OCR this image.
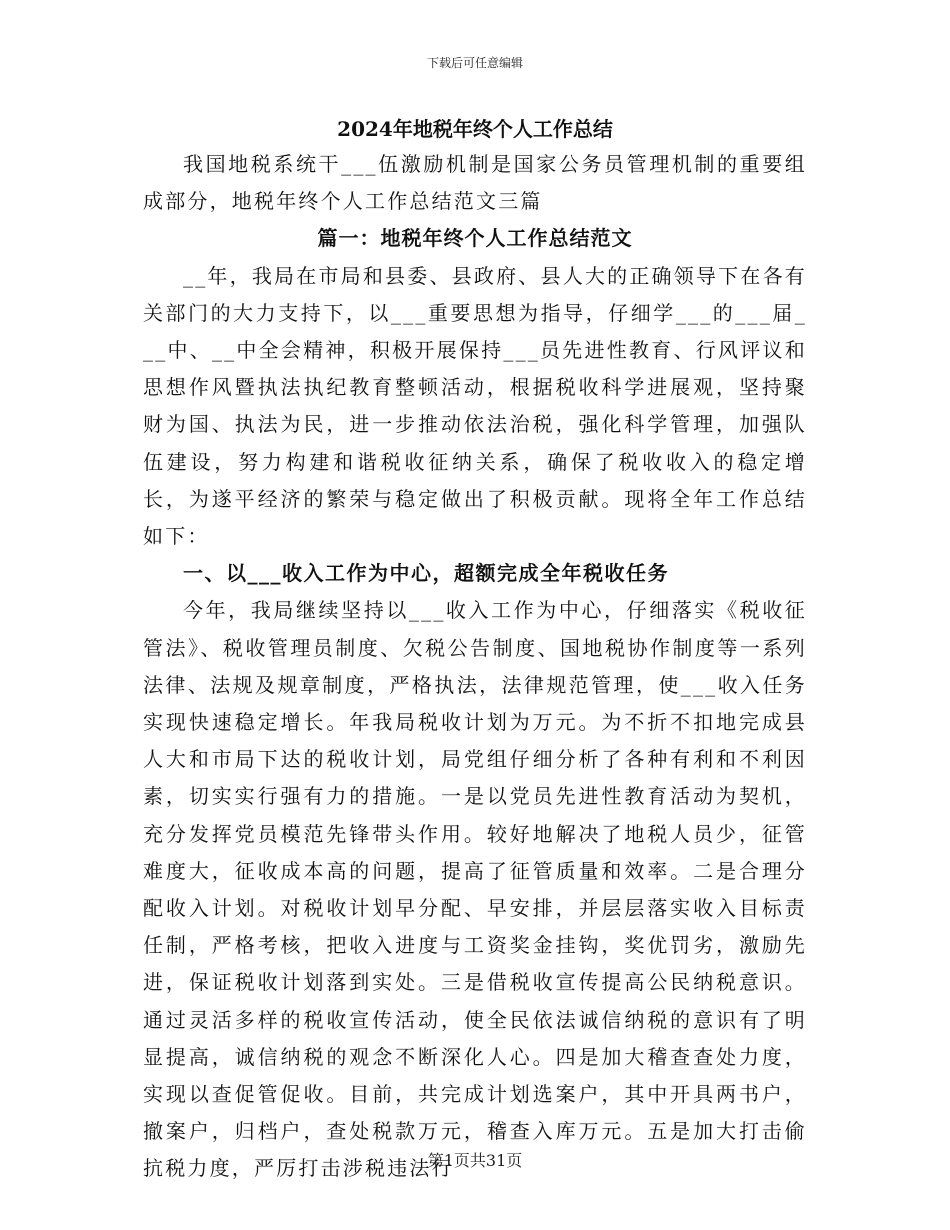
下载后可任意编辑

2024年地税年终个人工作总结

我国地税系统干___伍激励机制是国家公务员管理机制的重要组成部分，地税年终个人工作总结范文三篇

篇一：地税年终个人工作总结范文

__年，我局在市局和县委、县政府、县人大的正确领导下在各有关部门的大力支持下，以___重要思想为指导，仔细学___的___届___中、__中全会精神，积极开展保持___员先进性教育、行风评议和思想作风暨执法执纪教育整顿活动，根据税收科学进展观，坚持聚财为国、执法为民，进一步推动依法治税，强化科学管理，加强队伍建设，努力构建和谐税收征纳关系，确保了税收收入的稳定增长，为遂平经济的繁荣与稳定做出了积极贡献。现将全年工作总结如下：

一、以___收入工作为中心，超额完成全年税收任务

今年，我局继续坚持以___收入工作为中心，仔细落实《税收征管法》、税收管理员制度、欠税公告制度、国地税协作制度等一系列法律、法规及规章制度，严格执法，法律规范管理，使___收入任务实现快速稳定增长。年我局税收计划为万元。为不折不扣地完成县人大和市局下达的税收计划，局党组仔细分析了各种有利和不利因素，切实实行强有力的措施。一是以党员先进性教育活动为契机，充分发挥党员模范先锋带头作用。较好地解决了地税人员少，征管难度大，征收成本高的问题，提高了征管质量和效率。二是合理分配收入计划。对税收计划早分配、早安排，并层层落实收入目标责任制，严格考核，把收入进度与工资奖金挂钩，奖优罚劣，激励先进，保证税收计划落到实处。三是借税收宣传提高公民纳税意识。通过灵活多样的税收宣传活动，使全民依法诚信纳税的意识有了明显提高，诚信纳税的观念不断深化人心。四是加大稽查查处力度，实现以查促管促收。目前，共完成计划选案户，其中开具两书户，撤案户，归档户，查处税款万元，稽查入库万元。五是加大打击偷抗税力度，严厉打击涉税违法行

第1页共31页
